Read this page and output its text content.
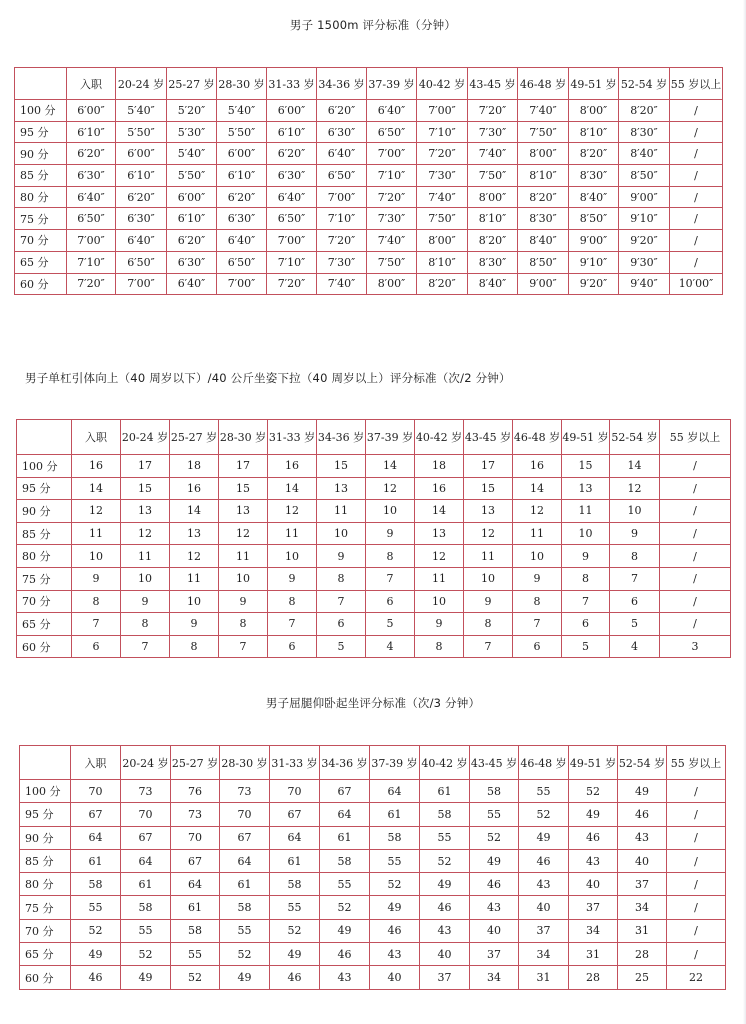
男子 1500m 评分标准（分钟）
	入职	20-24 岁	25-27 岁	28-30 岁	31-33 岁	34-36 岁	37-39 岁	40-42 岁	43-45 岁	46-48 岁	49-51 岁	52-54 岁	55 岁以上
100 分	6′00″	5′40″	5′20″	5′40″	6′00″	6′20″	6′40″	7′00″	7′20″	7′40″	8′00″	8′20″	/
95 分	6′10″	5′50″	5′30″	5′50″	6′10″	6′30″	6′50″	7′10″	7′30″	7′50″	8′10″	8′30″	/
90 分	6′20″	6′00″	5′40″	6′00″	6′20″	6′40″	7′00″	7′20″	7′40″	8′00″	8′20″	8′40″	/
85 分	6′30″	6′10″	5′50″	6′10″	6′30″	6′50″	7′10″	7′30″	7′50″	8′10″	8′30″	8′50″	/
80 分	6′40″	6′20″	6′00″	6′20″	6′40″	7′00″	7′20″	7′40″	8′00″	8′20″	8′40″	9′00″	/
75 分	6′50″	6′30″	6′10″	6′30″	6′50″	7′10″	7′30″	7′50″	8′10″	8′30″	8′50″	9′10″	/
70 分	7′00″	6′40″	6′20″	6′40″	7′00″	7′20″	7′40″	8′00″	8′20″	8′40″	9′00″	9′20″	/
65 分	7′10″	6′50″	6′30″	6′50″	7′10″	7′30″	7′50″	8′10″	8′30″	8′50″	9′10″	9′30″	/
60 分	7′20″	7′00″	6′40″	7′00″	7′20″	7′40″	8′00″	8′20″	8′40″	9′00″	9′20″	9′40″	10′00″
男子单杠引体向上（40 周岁以下）/40 公斤坐姿下拉（40 周岁以上）评分标准（次/2 分钟）
	入职	20-24 岁	25-27 岁	28-30 岁	31-33 岁	34-36 岁	37-39 岁	40-42 岁	43-45 岁	46-48 岁	49-51 岁	52-54 岁	55 岁以上
100 分	16	17	18	17	16	15	14	18	17	16	15	14	/
95 分	14	15	16	15	14	13	12	16	15	14	13	12	/
90 分	12	13	14	13	12	11	10	14	13	12	11	10	/
85 分	11	12	13	12	11	10	9	13	12	11	10	9	/
80 分	10	11	12	11	10	9	8	12	11	10	9	8	/
75 分	9	10	11	10	9	8	7	11	10	9	8	7	/
70 分	8	9	10	9	8	7	6	10	9	8	7	6	/
65 分	7	8	9	8	7	6	5	9	8	7	6	5	/
60 分	6	7	8	7	6	5	4	8	7	6	5	4	3
男子屈腿仰卧起坐评分标准（次/3 分钟）
	入职	20-24 岁	25-27 岁	28-30 岁	31-33 岁	34-36 岁	37-39 岁	40-42 岁	43-45 岁	46-48 岁	49-51 岁	52-54 岁	55 岁以上
100 分	70	73	76	73	70	67	64	61	58	55	52	49	/
95 分	67	70	73	70	67	64	61	58	55	52	49	46	/
90 分	64	67	70	67	64	61	58	55	52	49	46	43	/
85 分	61	64	67	64	61	58	55	52	49	46	43	40	/
80 分	58	61	64	61	58	55	52	49	46	43	40	37	/
75 分	55	58	61	58	55	52	49	46	43	40	37	34	/
70 分	52	55	58	55	52	49	46	43	40	37	34	31	/
65 分	49	52	55	52	49	46	43	40	37	34	31	28	/
60 分	46	49	52	49	46	43	40	37	34	31	28	25	22
